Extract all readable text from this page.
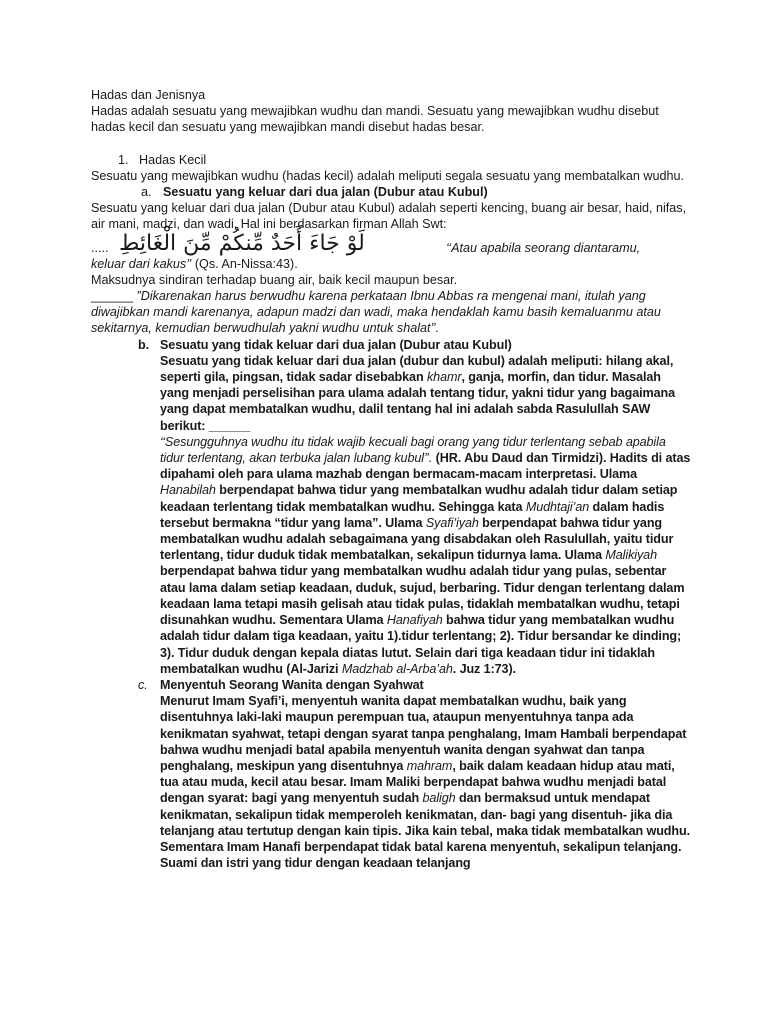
Hadas dan Jenisnya

Hadas adalah sesuatu yang mewajibkan wudhu dan mandi. Sesuatu yang mewajibkan wudhu disebut hadas kecil dan sesuatu yang mewajibkan mandi disebut hadas besar.

1. Hadas Kecil

Sesuatu yang mewajibkan wudhu (hadas kecil) adalah meliputi segala sesuatu yang membatalkan wudhu.

a. Sesuatu yang keluar dari dua jalan (Dubur atau Kubul)

Sesuatu yang keluar dari dua jalan (Dubur atau Kubul) adalah seperti kencing, buang air besar, haid, nifas, air mani, madzi, dan wadi. Hal ini berdasarkan firman Allah Swt:

..... لَوْ جَاءَ أَحَدٌ مِّنكُمْ مِّنَ الْغَائِطِ	‘‘Atau apabila seorang diantaramu,

keluar dari kakus’’ (Qs. An-Nissa:43).

Maksudnya sindiran terhadap buang air, baik kecil maupun besar.

______ ”Dikarenakan harus berwudhu karena perkataan Ibnu Abbas ra mengenai mani, itulah yang diwajibkan mandi karenanya, adapun madzi dan wadi, maka hendaklah kamu basih kemaluanmu atau sekitarnya, kemudian berwudhulah yakni wudhu untuk shalat’’.

b. Sesuatu yang tidak keluar dari dua jalan (Dubur atau Kubul)
Sesuatu yang tidak keluar dari dua jalan (dubur dan kubul) adalah meliputi: hilang akal, seperti gila, pingsan, tidak sadar disebabkan khamr, ganja, morfin, dan tidur. Masalah yang menjadi perselisihan para ulama adalah tentang tidur, yakni tidur yang bagaimana yang dapat membatalkan wudhu, dalil tentang hal ini adalah sabda Rasulullah SAW berikut: ______
‘‘Sesungguhnya wudhu itu tidak wajib kecuali bagi orang yang tidur terlentang sebab apabila tidur terlentang, akan terbuka jalan lubang kubul’’. (HR. Abu Daud dan Tirmidzi). Hadits di atas dipahami oleh para ulama mazhab dengan bermacam-macam interpretasi. Ulama Hanabilah berpendapat bahwa tidur yang membatalkan wudhu adalah tidur dalam setiap keadaan terlentang tidak membatalkan wudhu. Sehingga kata Mudhtaji’an dalam hadis tersebut bermakna “tidur yang lama”. Ulama Syafi’iyah berpendapat bahwa tidur yang membatalkan wudhu adalah sebagaimana yang disabdakan oleh Rasulullah, yaitu tidur terlentang, tidur duduk tidak membatalkan, sekalipun tidurnya lama. Ulama Malikiyah berpendapat bahwa tidur yang membatalkan wudhu adalah tidur yang pulas, sebentar atau lama dalam setiap keadaan, duduk, sujud, berbaring. Tidur dengan terlentang dalam keadaan lama tetapi masih gelisah atau tidak pulas, tidaklah membatalkan wudhu, tetapi disunahkan wudhu. Sementara Ulama Hanafiyah bahwa tidur yang membatalkan wudhu adalah tidur dalam tiga keadaan, yaitu 1).tidur terlentang; 2). Tidur bersandar ke dinding; 3). Tidur duduk dengan kepala diatas lutut. Selain dari tiga keadaan tidur ini tidaklah membatalkan wudhu (Al-Jarizi Madzhab al-Arba’ah. Juz 1:73).
c. Menyentuh Seorang Wanita dengan Syahwat
Menurut Imam Syafi’i, menyentuh wanita dapat membatalkan wudhu, baik yang disentuhnya laki-laki maupun perempuan tua, ataupun menyentuhnya tanpa ada kenikmatan syahwat, tetapi dengan syarat tanpa penghalang, Imam Hambali berpendapat bahwa wudhu menjadi batal apabila menyentuh wanita dengan syahwat dan tanpa penghalang, meskipun yang disentuhnya mahram, baik dalam keadaan hidup atau mati, tua atau muda, kecil atau besar. Imam Maliki berpendapat bahwa wudhu menjadi batal dengan syarat: bagi yang menyentuh sudah baligh dan bermaksud untuk mendapat kenikmatan, sekalipun tidak memperoleh kenikmatan, dan- bagi yang disentuh- jika dia telanjang atau tertutup dengan kain tipis. Jika kain tebal, maka tidak membatalkan wudhu. Sementara Imam Hanafi berpendapat tidak batal karena menyentuh, sekalipun telanjang. Suami dan istri yang tidur dengan keadaan telanjang
